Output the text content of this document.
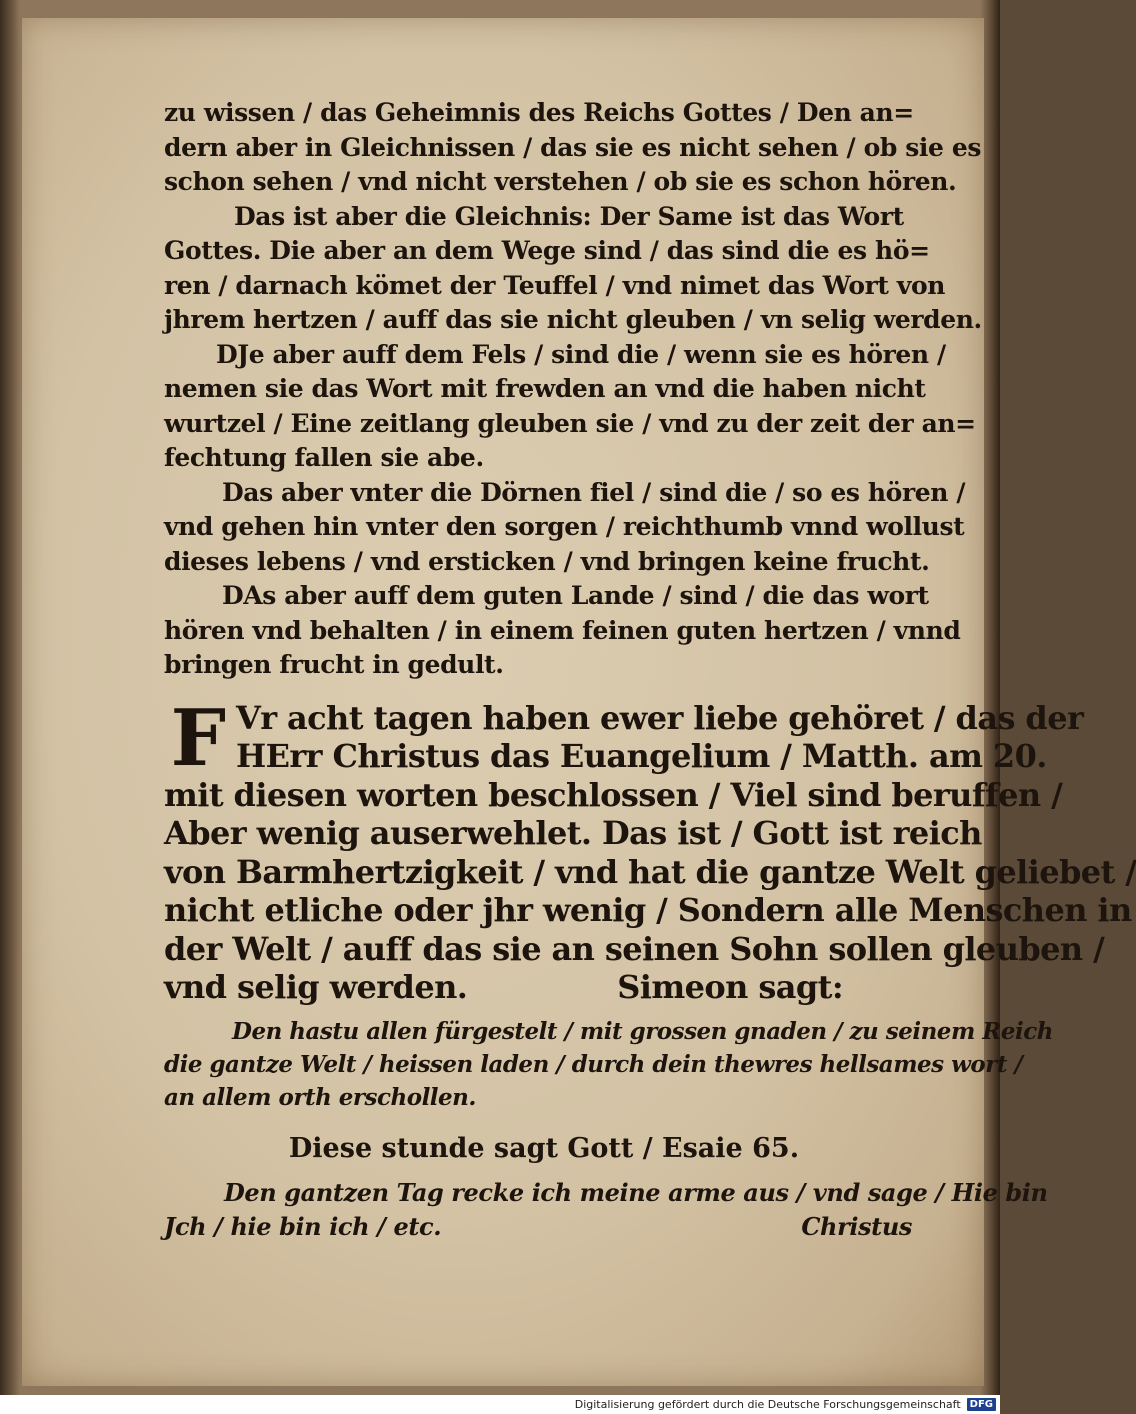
zu wissen / das Geheimnis des Reichs Gottes / Den an=
dern aber in Gleichnissen / das sie es nicht sehen / ob sie es
schon sehen / vnd nicht verstehen / ob sie es schon hören.
Das ist aber die Gleichnis: Der Same ist das Wort
Gottes. Die aber an dem Wege sind / das sind die es hö=
ren / darnach kömet der Teuffel / vnd nimet das Wort von
jhrem hertzen / auff das sie nicht gleuben / vn selig werden.
DJe aber auff dem Fels / sind die / wenn sie es hören /
nemen sie das Wort mit frewden an vnd die haben nicht
wurtzel / Eine zeitlang gleuben sie / vnd zu der zeit der an=
fechtung fallen sie abe.
Das aber vnter die Dörnen fiel / sind die / so es hören /
vnd gehen hin vnter den sorgen / reichthumb vnnd wollust
dieses lebens / vnd ersticken / vnd bringen keine frucht.
DAs aber auff dem guten Lande / sind / die das wort
hören vnd behalten / in einem feinen guten hertzen / vnnd
bringen frucht in gedult.
F Vr acht tagen haben ewer liebe gehöret / das der
HErr Christus das Euangelium / Matth. am 20.
mit diesen worten beschlossen / Viel sind beruffen /
Aber wenig auserwehlet. Das ist / Gott ist reich
von Barmhertzigkeit / vnd hat die gantze Welt geliebet /
nicht etliche oder jhr wenig / Sondern alle Menschen in
der Welt / auff das sie an seinen Sohn sollen gleuben /
vnd selig werden.	Simeon sagt:
Den hastu allen fürgestelt / mit grossen gnaden / zu seinem Reich
die gantze Welt / heissen laden / durch dein thewres hellsames wort /
an allem orth erschollen.
Diese stunde sagt Gott / Esaie 65.
Den gantzen Tag recke ich meine arme aus / vnd sage / Hie bin
Jch / hie bin ich / etc.	Christus
Digitalisierung gefördert durch die Deutsche Forschungsgemeinschaft DFG
